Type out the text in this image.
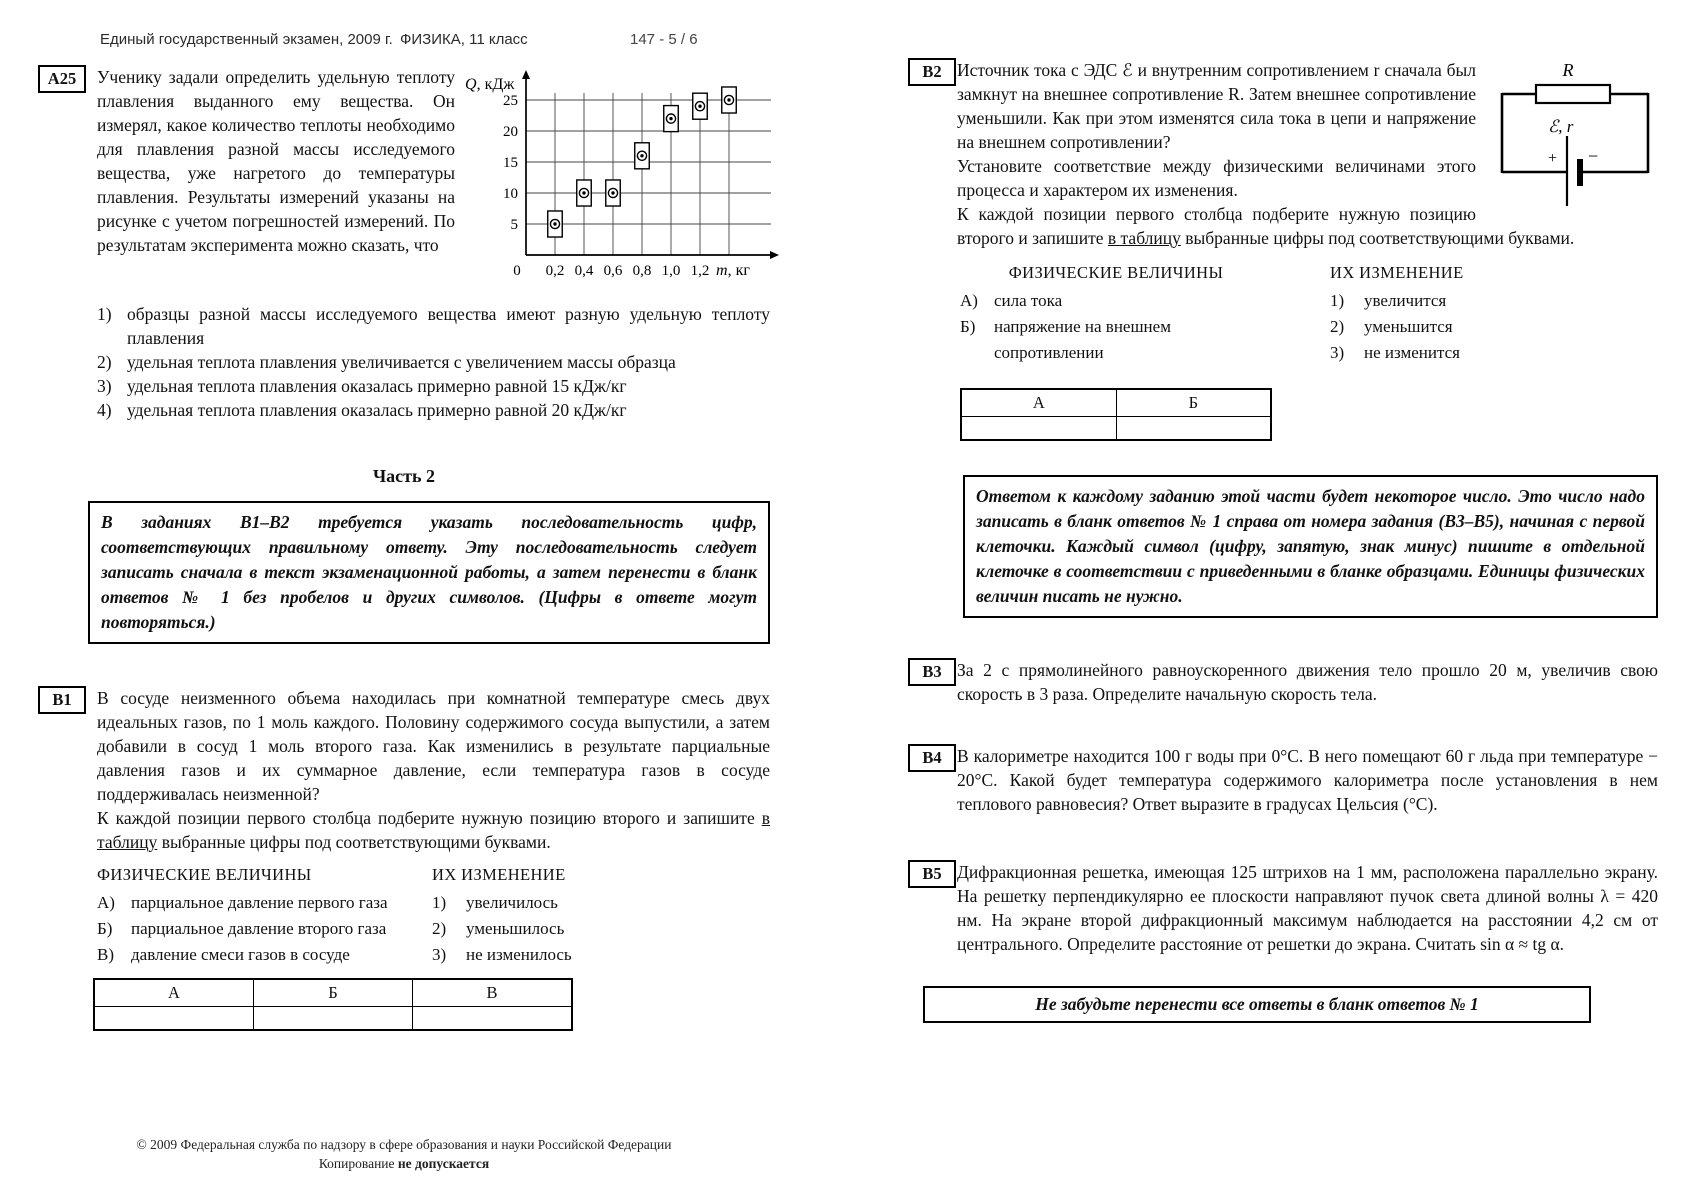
Единый государственный экзамен, 2009 г. ФИЗИКА, 11 класс	147 - 5 / 6
А25	Ученику задали определить удельную теплоту плавления выданного ему вещества. Он измерял, какое количество теплоты необходимо для плавления разной массы исследуемого вещества, уже нагретого до температуры плавления. Результаты измерений указаны на рисунке с учетом погрешностей измерений. По результатам эксперимента можно сказать, что

5
10
15
20
25
0 0,2 0,4 0,6 0,8 1,0 1,2
Q, кДж
m, кг
1) образцы разной массы исследуемого вещества имеют разную удельную теплоту плавления
2) удельная теплота плавления увеличивается с увеличением массы образца
3) удельная теплота плавления оказалась примерно равной 15 кДж/кг
4) удельная теплота плавления оказалась примерно равной 20 кДж/кг
Часть 2
В заданиях В1–В2 требуется указать последовательность цифр, соответствующих правильному ответу. Эту последовательность следует записать сначала в текст экзаменационной работы, а затем перенести в бланк ответов № 1 без пробелов и других символов. (Цифры в ответе могут повторяться.)
В1	В сосуде неизменного объема находилась при комнатной температуре смесь двух идеальных газов, по 1 моль каждого. Половину содержимого сосуда выпустили, а затем добавили в сосуд 1 моль второго газа. Как изменились в результате парциальные давления газов и их суммарное давление, если температура газов в сосуде поддерживалась неизменной?

К каждой позиции первого столбца подберите нужную позицию второго и запишите в таблицу выбранные цифры под соответствующими буквами.

ФИЗИЧЕСКИЕ ВЕЛИЧИНЫ
А) парциальное давление первого газа
Б)	парциальное давление второго газа
В)	давление смеси газов в сосуде
ИХ ИЗМЕНЕНИЕ
1)	увеличилось
2)	уменьшилось
3)	не изменилось
А	Б	В

В2	R
ℰ, r
+ −

Источник тока с ЭДС ℰ и внутренним сопротивлением r сначала был замкнут на внешнее сопротивление R. Затем внешнее сопротивление уменьшили. Как при этом изменятся сила тока в цепи и напряжение на внешнем сопротивлении?

Установите соответствие между физическими величинами этого процесса и характером их изменения.

К каждой позиции первого столбца подберите нужную позицию второго и запишите в таблицу выбранные цифры под соответствующими буквами.

ФИЗИЧЕСКИЕ ВЕЛИЧИНЫ
А) сила тока
Б)	напряжение на внешнем сопротивлении
А	Б

ИХ ИЗМЕНЕНИЕ
1)	увеличится
2)	уменьшится
3)	не изменится
Ответом к каждому заданию этой части будет некоторое число. Это число надо записать в бланк ответов № 1 справа от номера задания (В3–В5), начиная с первой клеточки. Каждый символ (цифру, запятую, знак минус) пишите в отдельной клеточке в соответствии с приведенными в бланке образцами. Единицы физических величин писать не нужно.
В3 За 2 с прямолинейного равноускоренного движения тело прошло 20 м, увеличив свою скорость в 3 раза. Определите начальную скорость тела.

В4 В калориметре находится 100 г воды при 0°С. В него помещают 60 г льда при температуре − 20°С. Какой будет температура содержимого калориметра после установления в нем теплового равновесия? Ответ выразите в градусах Цельсия (°С).

В5 Дифракционная решетка, имеющая 125 штрихов на 1 мм, расположена параллельно экрану. На решетку перпендикулярно ее плоскости направляют пучок света длиной волны λ = 420 нм. На экране второй дифракционный максимум наблюдается на расстоянии 4,2 см от центрального. Определите расстояние от решетки до экрана. Считать sin α ≈ tg α.

Не забудьте перенести все ответы в бланк ответов № 1
© 2009 Федеральная служба по надзору в сфере образования и науки Российской Федерации
Копирование не допускается
